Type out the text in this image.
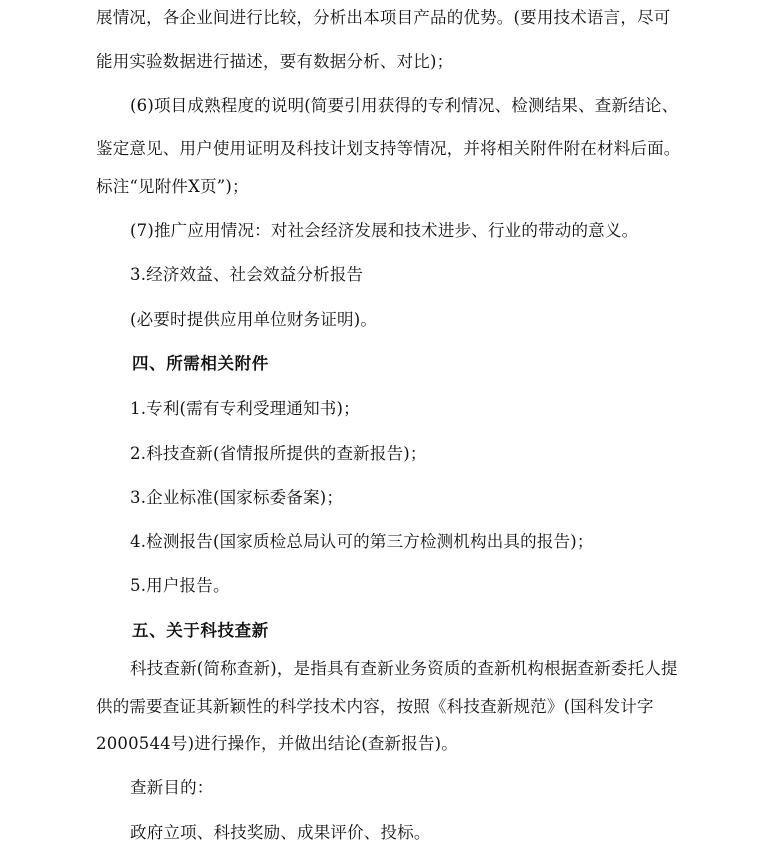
展情况，各企业间进行比较，分析出本项目产品的优势。(要用技术语言，尽可
能用实验数据进行描述，要有数据分析、对比)；
(6)项目成熟程度的说明(简要引用获得的专利情况、检测结果、查新结论、
鉴定意见、用户使用证明及科技计划支持等情况，并将相关附件附在材料后面。
标注“见附件X页”)；
(7)推广应用情况：对社会经济发展和技术进步、行业的带动的意义。
3.经济效益、社会效益分析报告
(必要时提供应用单位财务证明)。
四、所需相关附件
1.专利(需有专利受理通知书)；
2.科技查新(省情报所提供的查新报告)；
3.企业标准(国家标委备案)；
4.检测报告(国家质检总局认可的第三方检测机构出具的报告)；
5.用户报告。
五、关于科技查新
科技查新(简称查新)，是指具有查新业务资质的查新机构根据查新委托人提
供的需要查证其新颖性的科学技术内容，按照《科技查新规范》(国科发计字
2000544号)进行操作，并做出结论(查新报告)。
查新目的：
政府立项、科技奖励、成果评价、投标。
